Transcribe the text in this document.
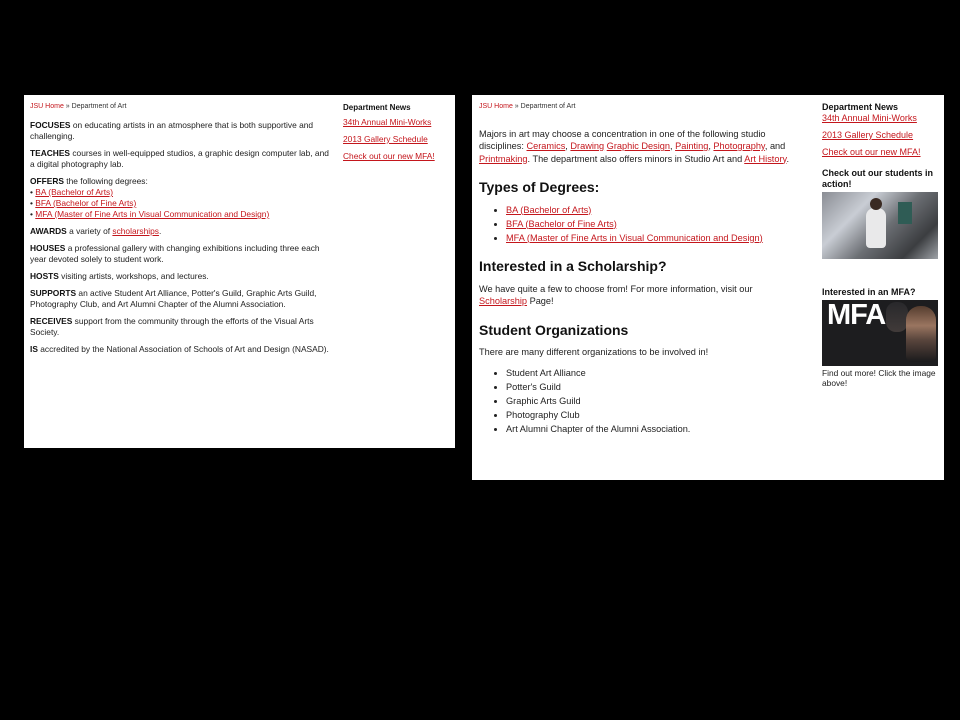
JSU Home » Department of Art

FOCUSES on educating artists in an atmosphere that is both supportive and challenging.

TEACHES courses in well-equipped studios, a graphic design computer lab, and a digital photography lab.

OFFERS the following degrees:
• BA (Bachelor of Arts)
• BFA (Bachelor of Fine Arts)
• MFA (Master of Fine Arts in Visual Communication and Design)

AWARDS a variety of scholarships.

HOUSES a professional gallery with changing exhibitions including three each year devoted solely to student work.

HOSTS visiting artists, workshops, and lectures.

SUPPORTS an active Student Art Alliance, Potter's Guild, Graphic Arts Guild, Photography Club, and Art Alumni Chapter of the Alumni Association.

RECEIVES support from the community through the efforts of the Visual Arts Society.

IS accredited by the National Association of Schools of Art and Design (NASAD).

Department News
34th Annual Mini-Works
2013 Gallery Schedule
Check out our new MFA!
JSU Home » Department of Art

Majors in art may choose a concentration in one of the following studio disciplines: Ceramics, Drawing Graphic Design, Painting, Photography, and Printmaking. The department also offers minors in Studio Art and Art History.

Types of Degrees:
• BA (Bachelor of Arts)
• BFA (Bachelor of Fine Arts)
• MFA (Master of Fine Arts in Visual Communication and Design)
Interested in a Scholarship?

We have quite a few to choose from! For more information, visit our Scholarship Page!

Student Organizations

There are many different organizations to be involved in!

• Student Art Alliance
• Potter's Guild
• Graphic Arts Guild
• Photography Club
• Art Alumni Chapter of the Alumni Association.
Department News
34th Annual Mini-Works
2013 Gallery Schedule
Check out our new MFA!
Check out our students in action!
Interested in an MFA?
MFA
Find out more! Click the image above!
